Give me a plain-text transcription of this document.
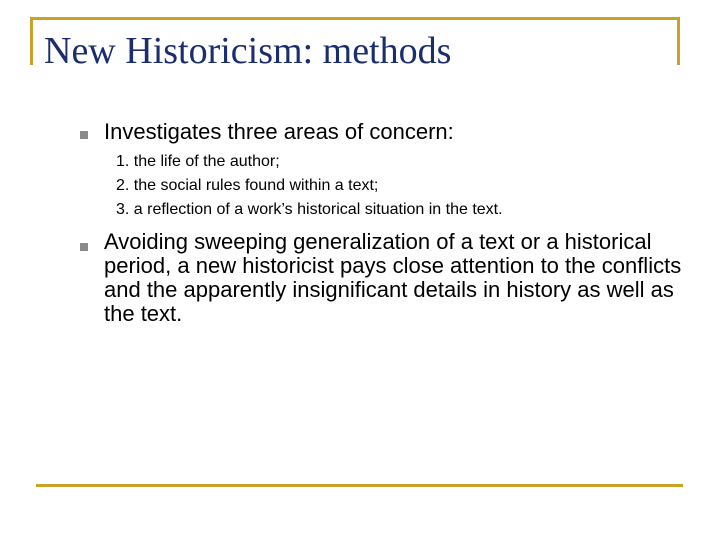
New Historicism: methods

Investigates three areas of concern:

1. the life of the author;
2. the social rules found within a text;
3. a reflection of a work’s historical situation in the text.

Avoiding sweeping generalization of a text or a historical period, a new historicist pays close attention to the conflicts and the apparently insignificant details in history as well as the text.
